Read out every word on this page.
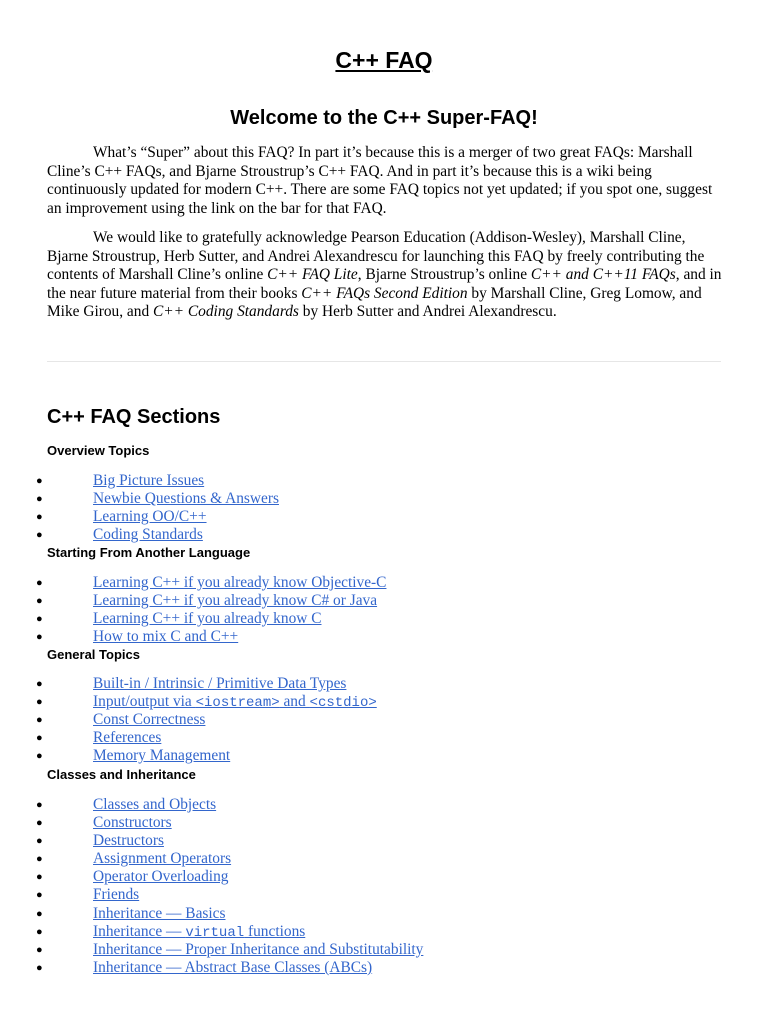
C++ FAQ
Welcome to the C++ Super-FAQ!

What’s “Super” about this FAQ? In part it’s because this is a merger of two great FAQs: Marshall Cline’s C++ FAQs, and Bjarne Stroustrup’s C++ FAQ. And in part it’s because this is a wiki being continuously updated for modern C++. There are some FAQ topics not yet updated; if you spot one, suggest an improvement using the link on the bar for that FAQ.

We would like to gratefully acknowledge Pearson Education (Addison-Wesley), Marshall Cline, Bjarne Stroustrup, Herb Sutter, and Andrei Alexandrescu for launching this FAQ by freely contributing the contents of Marshall Cline’s online C++ FAQ Lite, Bjarne Stroustrup’s online C++ and C++11 FAQs, and in the near future material from their books C++ FAQs Second Edition by Marshall Cline, Greg Lomow, and Mike Girou, and C++ Coding Standards by Herb Sutter and Andrei Alexandrescu.

C++ FAQ Sections
Overview Topics
●	Big Picture Issues
●	Newbie Questions & Answers
●	Learning OO/C++
●	Coding Standards
Starting From Another Language
●	Learning C++ if you already know Objective-C
●	Learning C++ if you already know C# or Java
●	Learning C++ if you already know C
●	How to mix C and C++
General Topics
●	Built-in / Intrinsic / Primitive Data Types
●	Input/output via <iostream> and <cstdio>
●	Const Correctness
●	References
●	Memory Management
Classes and Inheritance
●	Classes and Objects
●	Constructors
●	Destructors
●	Assignment Operators
●	Operator Overloading
●	Friends
●	Inheritance — Basics
●	Inheritance — virtual functions
●	Inheritance — Proper Inheritance and Substitutability
●	Inheritance — Abstract Base Classes (ABCs)
